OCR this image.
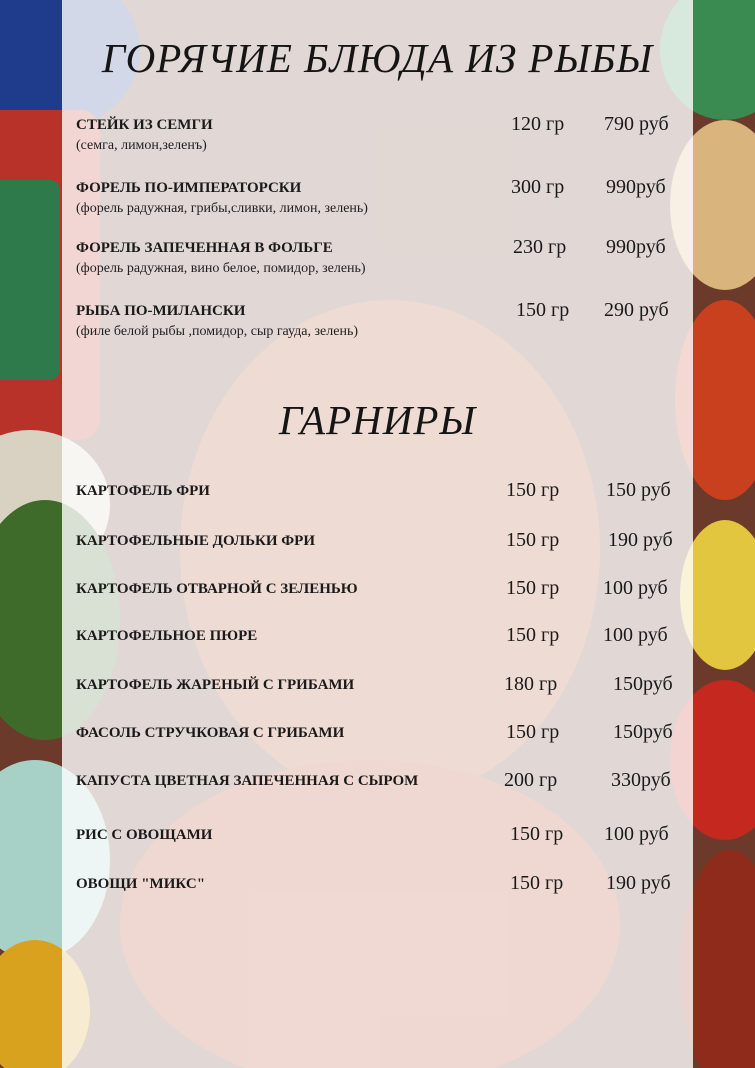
ГОРЯЧИЕ БЛЮДА ИЗ РЫБЫ
СТЕЙК ИЗ СЕМГИ
(семга, лимон,зеленъ)
120 гр 790 руб
ФОРЕЛЬ ПО-ИМПЕРАТОРСКИ
(форель радужная, грибы,сливки, лимон, зелень)
300 гр 990руб
ФОРЕЛЬ ЗАПЕЧЕННАЯ В ФОЛЬГЕ
(форель радужная, вино белое, помидор, зелень)
230 гр 990руб
РЫБА ПО-МИЛАНСКИ
(филе белой рыбы ,помидор, сыр гауда, зелень)
150 гр 290 руб
ГАРНИРЫ
КАРТОФЕЛЬ ФРИ	150 гр 150 руб
КАРТОФЕЛЬНЫЕ ДОЛЬКИ ФРИ	150 гр 190 руб
КАРТОФЕЛЬ ОТВАРНОЙ С ЗЕЛЕНЬЮ	150 гр 100 руб
КАРТОФЕЛЬНОЕ ПЮРЕ	150 гр 100 руб
КАРТОФЕЛЬ ЖАРЕНЫЙ С ГРИБАМИ	180 гр	150руб
ФАСОЛЬ СТРУЧКОВАЯ С ГРИБАМИ	150 гр	150руб
КАПУСТА ЦВЕТНАЯ ЗАПЕЧЕННАЯ С СЫРОМ	200 гр	330руб
РИС С ОВОЩАМИ	150 гр 100 руб
ОВОЩИ "МИКС"	150 гр 190 руб
